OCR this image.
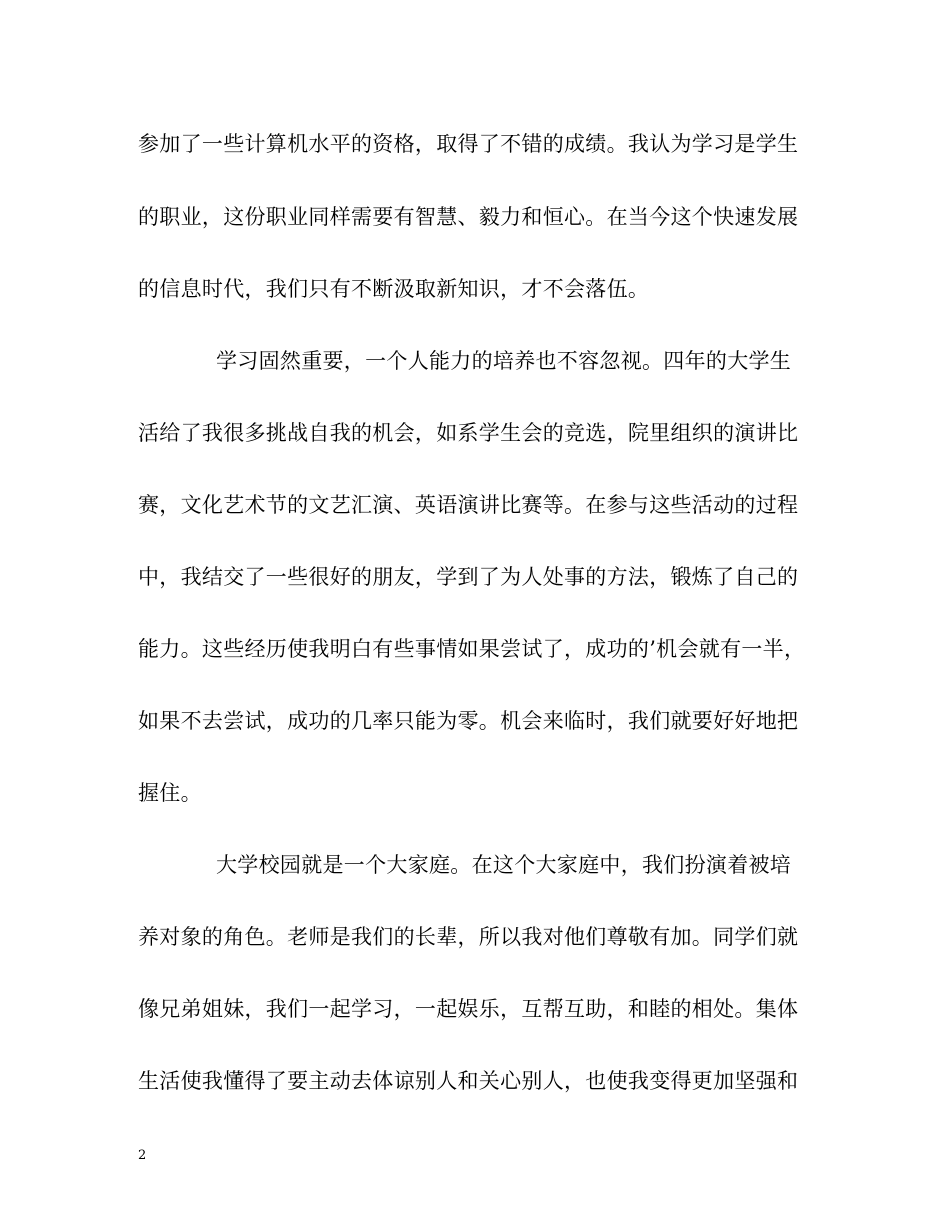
参加了一些计算机水平的资格，取得了不错的成绩。我认为学习是学生
的职业，这份职业同样需要有智慧、毅力和恒心。在当今这个快速发展
的信息时代，我们只有不断汲取新知识，才不会落伍。
学习固然重要，一个人能力的培养也不容忽视。四年的大学生
活给了我很多挑战自我的机会，如系学生会的竞选，院里组织的演讲比
赛，文化艺术节的文艺汇演、英语演讲比赛等。在参与这些活动的过程
中，我结交了一些很好的朋友，学到了为人处事的方法，锻炼了自己的
能力。这些经历使我明白有些事情如果尝试了，成功的’机会就有一半，
如果不去尝试，成功的几率只能为零。机会来临时，我们就要好好地把
握住。
大学校园就是一个大家庭。在这个大家庭中，我们扮演着被培
养对象的角色。老师是我们的长辈，所以我对他们尊敬有加。同学们就
像兄弟姐妹，我们一起学习，一起娱乐，互帮互助，和睦的相处。集体
生活使我懂得了要主动去体谅别人和关心别人，也使我变得更加坚强和
2
